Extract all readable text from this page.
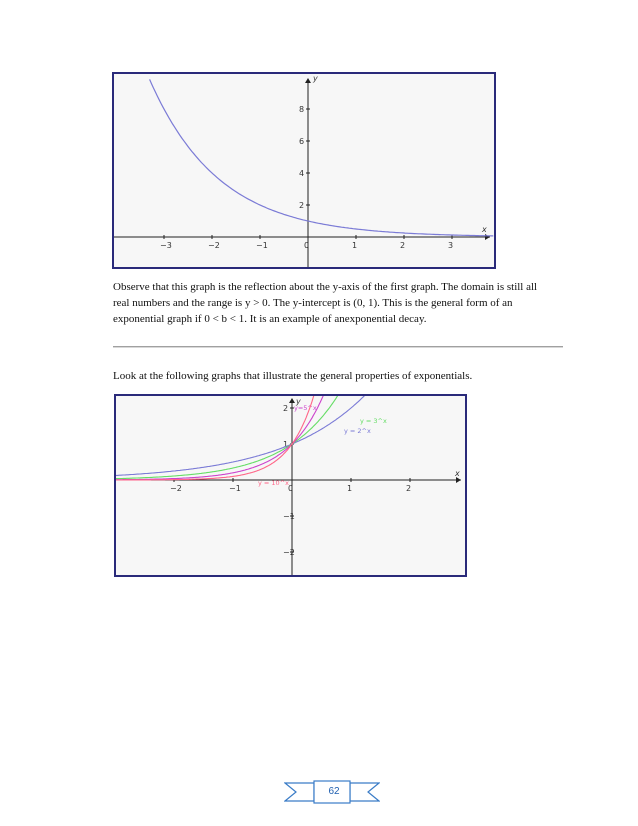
x
y
−3	−2	−1	0	1	2	3
2
4
6
8

Observe that this graph is the reflection about the y-axis of the first graph. The domain is still all real numbers and the range is y > 0. The y-intercept is (0, 1). This is the general form of an exponential graph if 0 < b < 1. It is an example of anexponential decay.

Look at the following graphs that illustrate the general properties of exponentials.

x
y
−2	−1	0	1	2
2
1
−1
−2
y = 2^x
y = 3^x
y=5^x
y = 10^x
62
